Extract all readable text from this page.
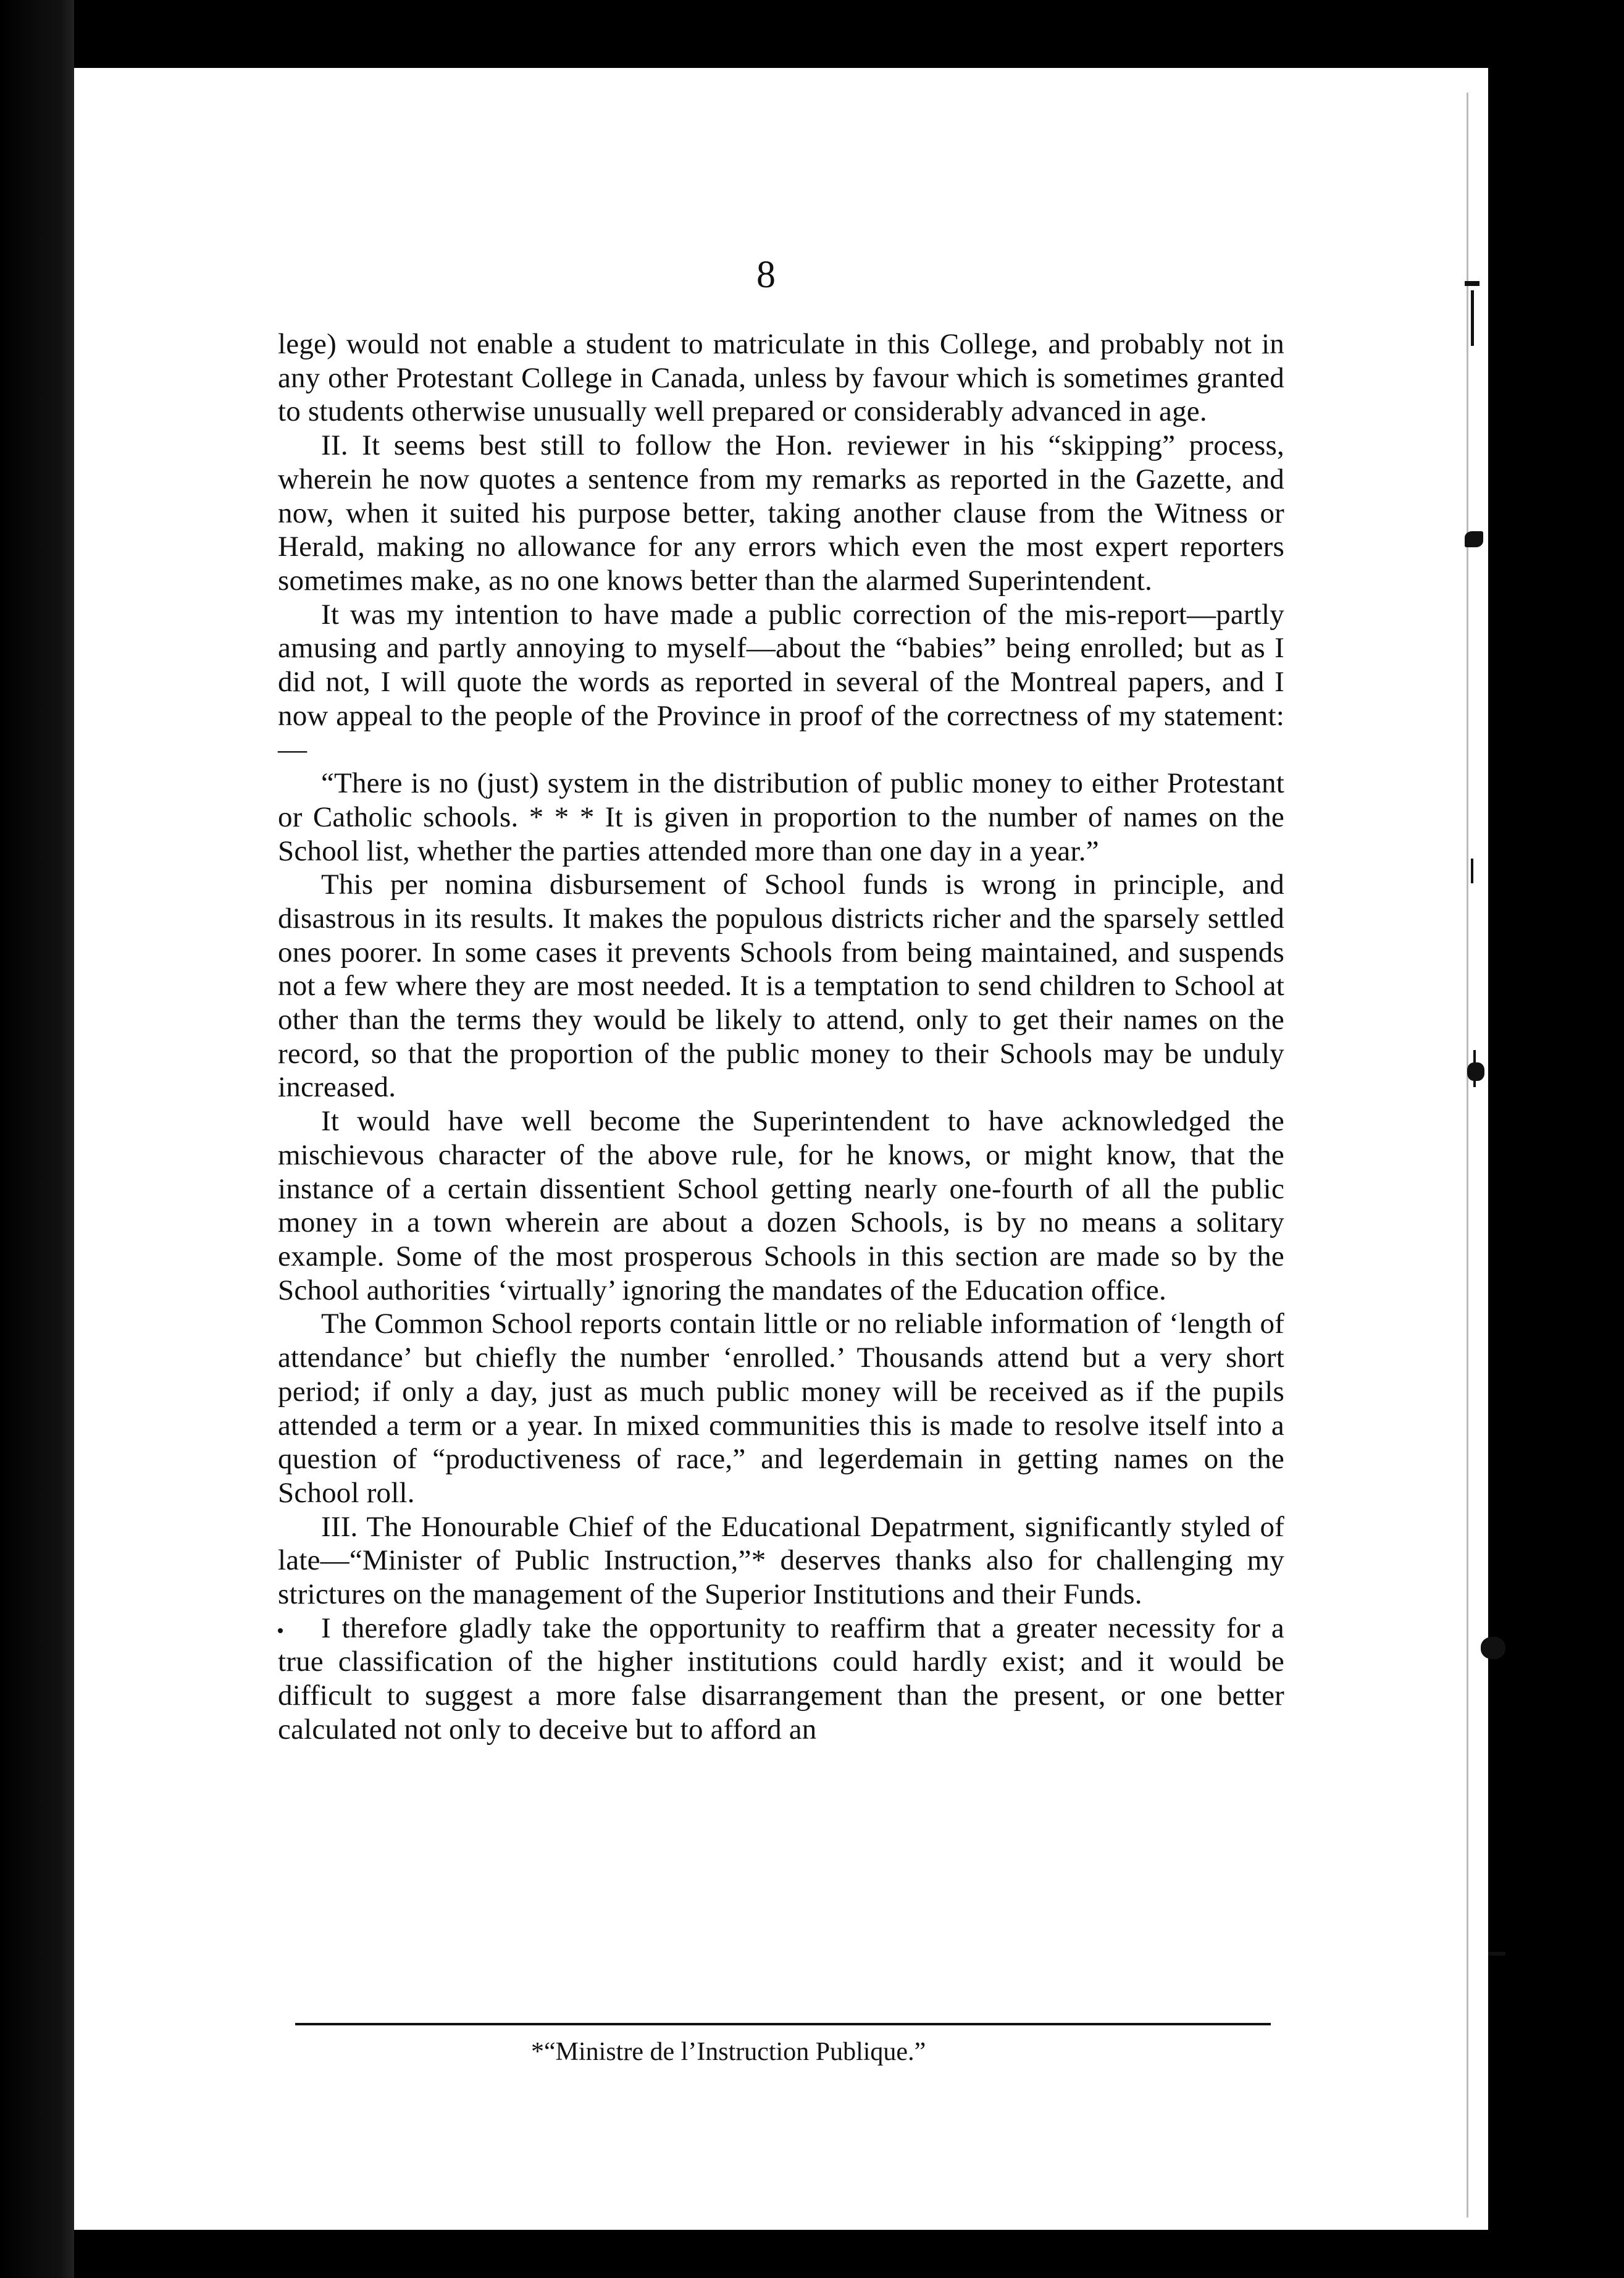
8

lege) would not enable a student to matriculate in this College, and probably not in any other Protestant College in Canada, unless by favour which is sometimes granted to students otherwise unusually well prepared or considerably advanced in age.

II. It seems best still to follow the Hon. reviewer in his “skipping” process, wherein he now quotes a sentence from my remarks as reported in the Gazette, and now, when it suited his purpose better, taking another clause from the Witness or Herald, making no allowance for any errors which even the most expert reporters sometimes make, as no one knows better than the alarmed Superintendent.

It was my intention to have made a public correction of the mis-report—partly amusing and partly annoying to myself—about the “babies” being enrolled; but as I did not, I will quote the words as reported in several of the Montreal papers, and I now appeal to the people of the Province in proof of the correctness of my statement:—

“There is no (just) system in the distribution of public money to either Protestant or Catholic schools. * * * It is given in proportion to the number of names on the School list, whether the parties attended more than one day in a year.”

This per nomina disbursement of School funds is wrong in principle, and disastrous in its results. It makes the populous districts richer and the sparsely settled ones poorer. In some cases it prevents Schools from being maintained, and suspends not a few where they are most needed. It is a temptation to send children to School at other than the terms they would be likely to attend, only to get their names on the record, so that the proportion of the public money to their Schools may be unduly increased.

It would have well become the Superintendent to have acknowledged the mischievous character of the above rule, for he knows, or might know, that the instance of a certain dissentient School getting nearly one-fourth of all the public money in a town wherein are about a dozen Schools, is by no means a solitary example. Some of the most prosperous Schools in this section are made so by the School authorities ‘virtually’ ignoring the mandates of the Education office.

The Common School reports contain little or no reliable information of ‘length of attendance’ but chiefly the number ‘enrolled.’ Thousands attend but a very short period; if only a day, just as much public money will be received as if the pupils attended a term or a year. In mixed communities this is made to resolve itself into a question of “productiveness of race,” and legerdemain in getting names on the School roll.

III. The Honourable Chief of the Educational Depatrment, significantly styled of late—“Minister of Public Instruction,”* deserves thanks also for challenging my strictures on the management of the Superior Institutions and their Funds.

I therefore gladly take the opportunity to reaffirm that a greater necessity for a true classification of the higher institutions could hardly exist; and it would be difficult to suggest a more false disarrangement than the present, or one better calculated not only to deceive but to afford an

*“Ministre de l’Instruction Publique.”
